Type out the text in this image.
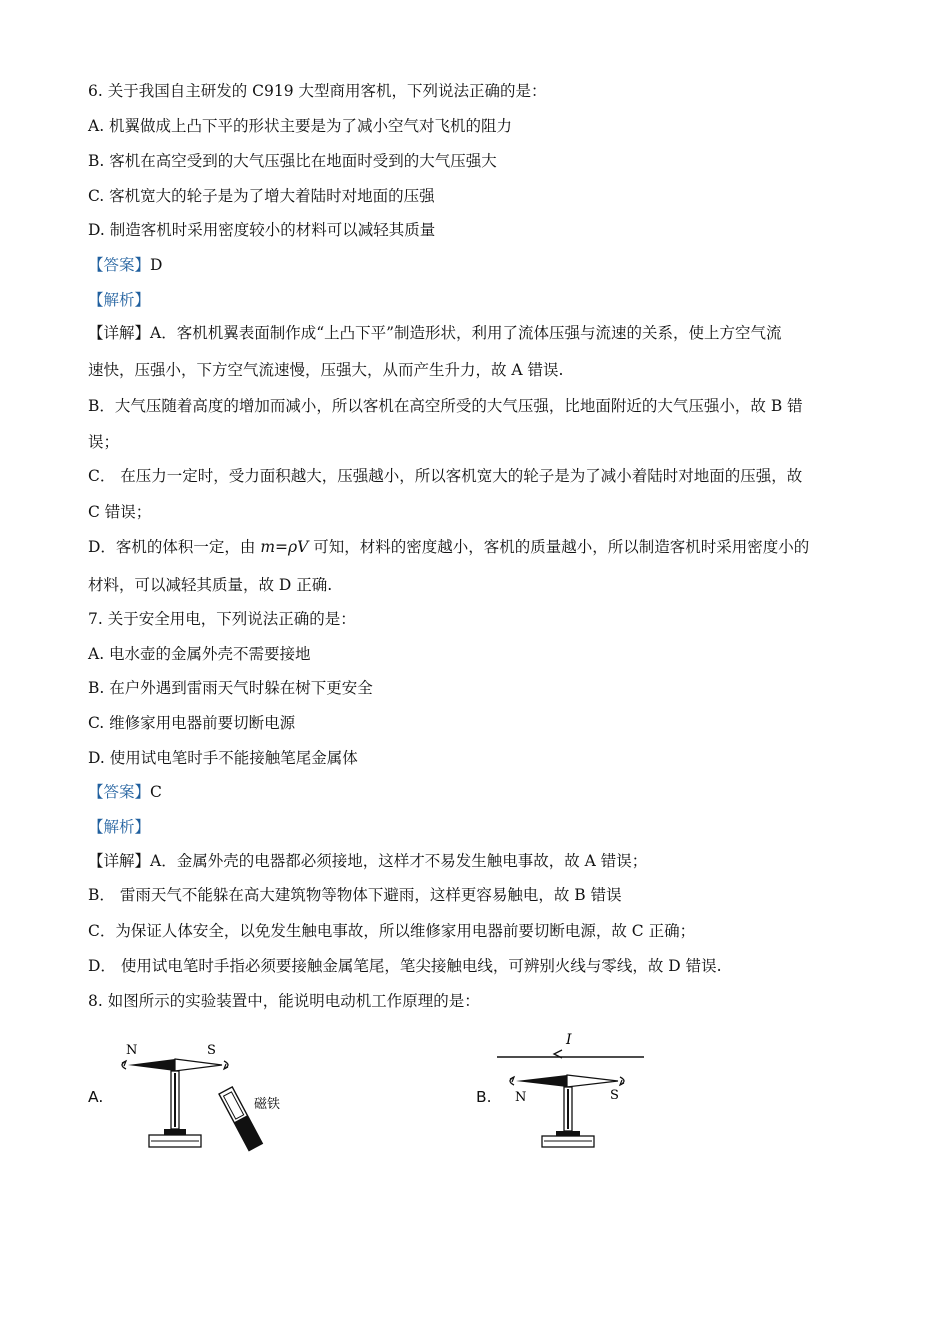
6. 关于我国自主研发的 C919 大型商用客机，下列说法正确的是：
A. 机翼做成上凸下平的形状主要是为了减小空气对飞机的阻力
B. 客机在高空受到的大气压强比在地面时受到的大气压强大
C. 客机宽大的轮子是为了增大着陆时对地面的压强
D. 制造客机时采用密度较小的材料可以减轻其质量
【答案】D
【解析】
【详解】A．客机机翼表面制作成“上凸下平”制造形状，利用了流体压强与流速的关系，使上方空气流
速快，压强小，下方空气流速慢，压强大，从而产生升力，故 A 错误.
B．大气压随着高度的增加而减小，所以客机在高空所受的大气压强，比地面附近的大气压强小，故 B 错
误；
C． 在压力一定时，受力面积越大，压强越小，所以客机宽大的轮子是为了减小着陆时对地面的压强，故
C 错误；
D．客机的体积一定，由 m=ρV 可知，材料的密度越小，客机的质量越小，所以制造客机时采用密度小的
材料，可以减轻其质量，故 D 正确.
7. 关于安全用电，下列说法正确的是：
A. 电水壶的金属外壳不需要接地
B. 在户外遇到雷雨天气时躲在树下更安全
C. 维修家用电器前要切断电源
D. 使用试电笔时手不能接触笔尾金属体
【答案】C
【解析】
【详解】A．金属外壳的电器都必须接地，这样才不易发生触电事故，故 A 错误；
B． 雷雨天气不能躲在高大建筑物等物体下避雨，这样更容易触电，故 B 错误
C．为保证人体安全，以免发生触电事故，所以维修家用电器前要切断电源，故 C 正确；
D． 使用试电笔时手指必须要接触金属笔尾，笔尖接触电线，可辨别火线与零线，故 D 错误.
8. 如图所示的实验装置中，能说明电动机工作原理的是：
A.
N	S
磁铁	B.
I
N	S
